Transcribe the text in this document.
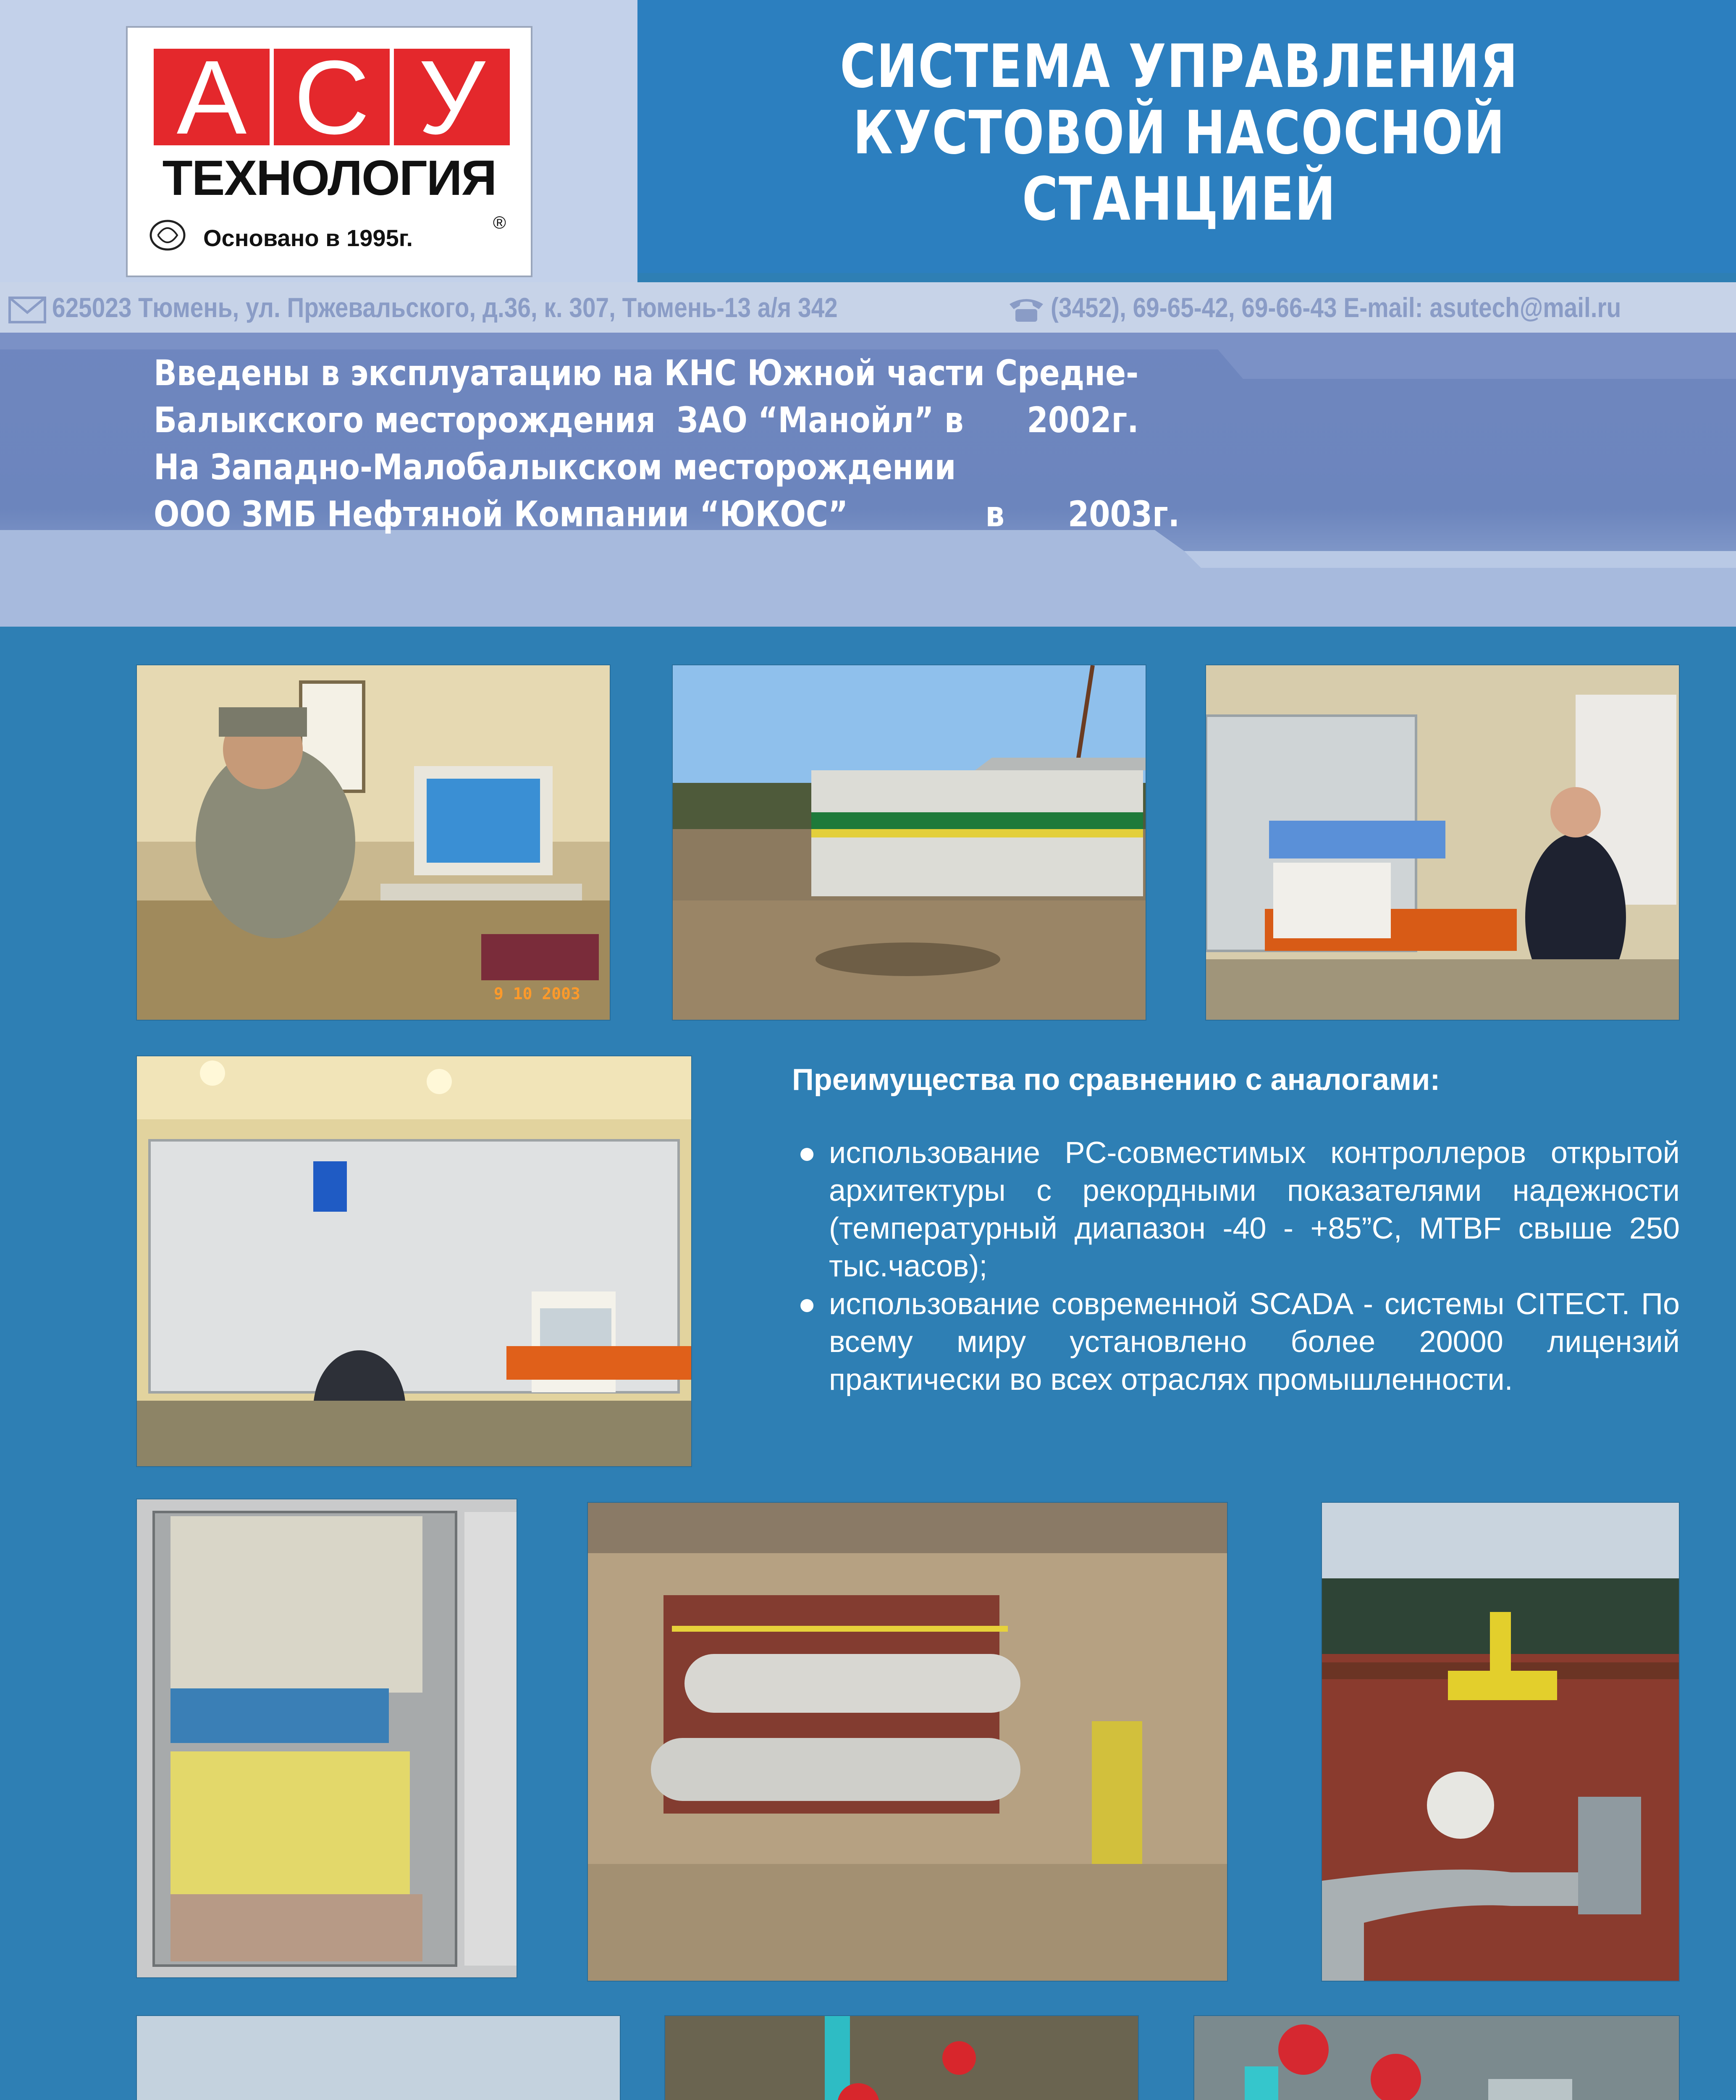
А С У
ТЕХНОЛОГИЯ
Основано в 1995г.
®
СИСТЕМА УПРАВЛЕНИЯ
КУСТОВОЙ НАСОСНОЙ
СТАНЦИЕЙ
625023 Тюмень, ул. Пржевальского, д.36, к. 307, Тюмень-13 а/я 342	(3452), 69-65-42, 69-66-43 E-mail: asutech@mail.ru
Введены в эксплуатацию на КНС Южной части Средне-
Балыкского месторождения  ЗАО “Манойл” в      2002г.
На Западно-Малобалыкском месторождении
ООО ЗМБ Нефтяной Компании “ЮКОС”             в      2003г.
9 10 2003
Преимущества по сравнению с аналогами:
● использование PC-совместимых контроллеров открытой архитектуры с рекордными показателями надежности (температурный диапазон -40 - +85”C, MTBF свыше 250 тыс.часов);
● использование современной SCADA - системы CITECT. По всему миру установлено более 20000 лицензий практически во всех отраслях промышленности.
